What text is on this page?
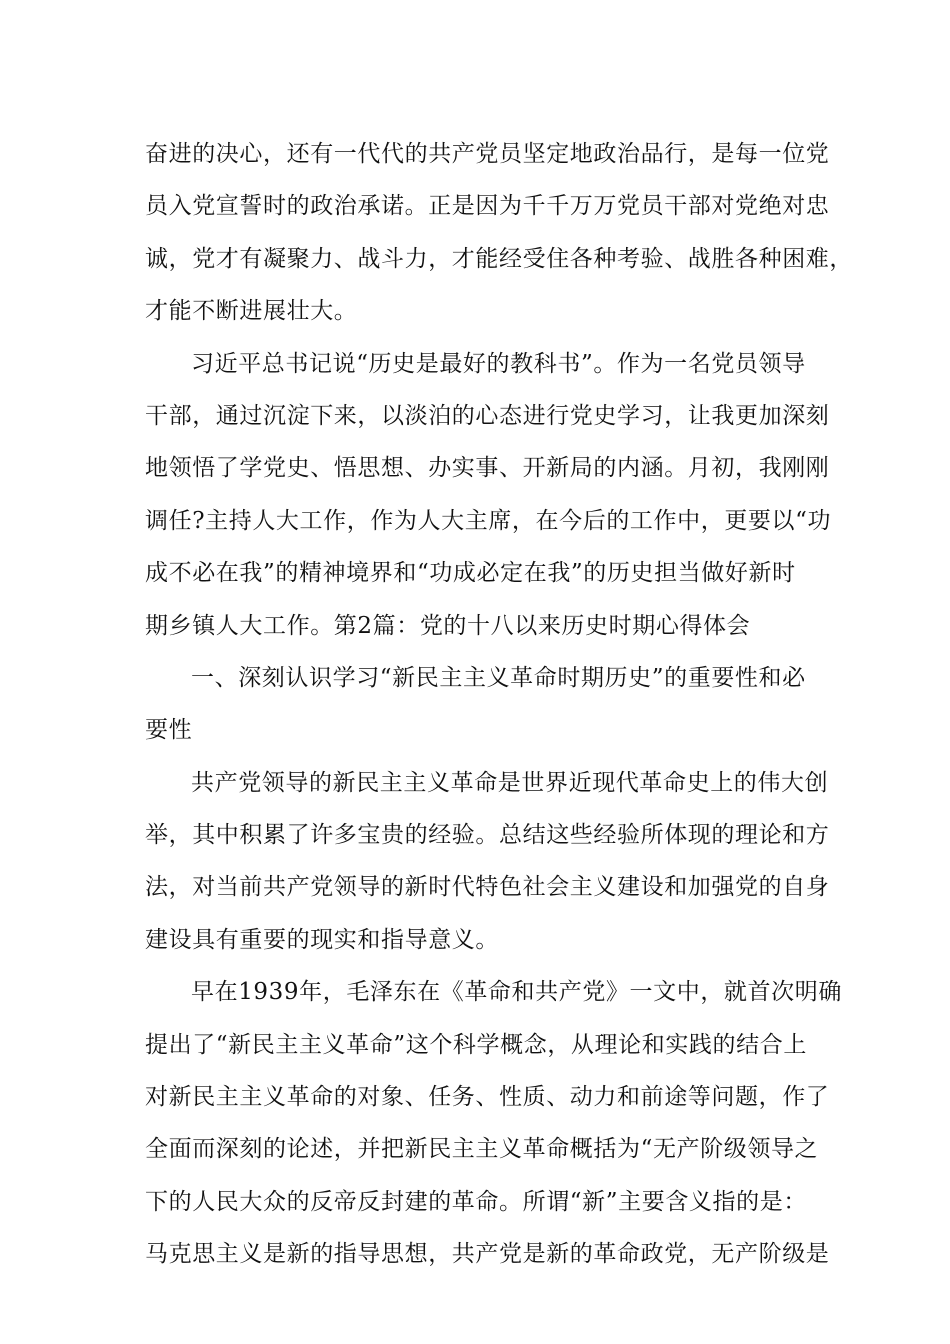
奋进的决心，还有一代代的共产党员坚定地政治品行，是每一位党
员入党宣誓时的政治承诺。正是因为千千万万党员干部对党绝对忠
诚，党才有凝聚力、战斗力，才能经受住各种考验、战胜各种困难，
才能不断进展壮大。
习近平总书记说“历史是最好的教科书”。作为一名党员领导
干部，通过沉淀下来，以淡泊的心态进行党史学习，让我更加深刻
地领悟了学党史、悟思想、办实事、开新局的内涵。月初，我刚刚
调任?主持人大工作，作为人大主席，在今后的工作中，更要以“功
成不必在我”的精神境界和“功成必定在我”的历史担当做好新时
期乡镇人大工作。第2篇：党的十八以来历史时期心得体会
一、深刻认识学习“新民主主义革命时期历史”的重要性和必
要性
共产党领导的新民主主义革命是世界近现代革命史上的伟大创
举，其中积累了许多宝贵的经验。总结这些经验所体现的理论和方
法，对当前共产党领导的新时代特色社会主义建设和加强党的自身
建设具有重要的现实和指导意义。
早在1939年，毛泽东在《革命和共产党》一文中，就首次明确
提出了“新民主主义革命”这个科学概念，从理论和实践的结合上
对新民主主义革命的对象、任务、性质、动力和前途等问题，作了
全面而深刻的论述，并把新民主主义革命概括为“无产阶级领导之
下的人民大众的反帝反封建的革命。所谓“新”主要含义指的是：
马克思主义是新的指导思想，共产党是新的革命政党，无产阶级是
